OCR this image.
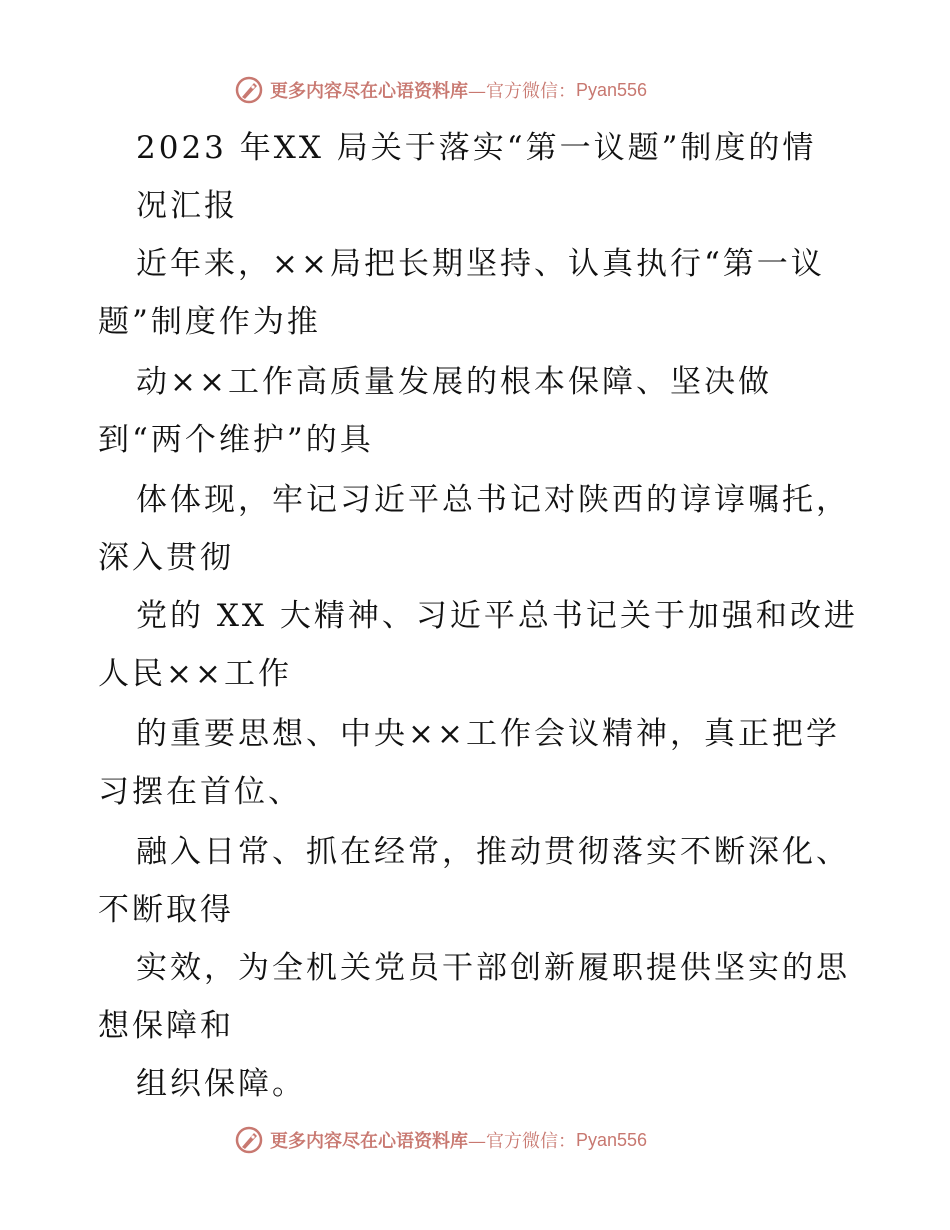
更多内容尽在心语资料库 —官方微信： Pyan556
2023 年XX 局关于落实“第一议题”制度的情
况汇报
近年来，××局把长期坚持、认真执行“第一议
题”制度作为推
动××工作高质量发展的根本保障、坚决做
到“两个维护”的具
体体现，牢记习近平总书记对陕西的谆谆嘱托，
深入贯彻
党的 XX 大精神、习近平总书记关于加强和改进
人民××工作
的重要思想、中央××工作会议精神，真正把学
习摆在首位、
融入日常、抓在经常，推动贯彻落实不断深化、
不断取得
实效，为全机关党员干部创新履职提供坚实的思
想保障和
组织保障。
更多内容尽在心语资料库 —官方微信： Pyan556
